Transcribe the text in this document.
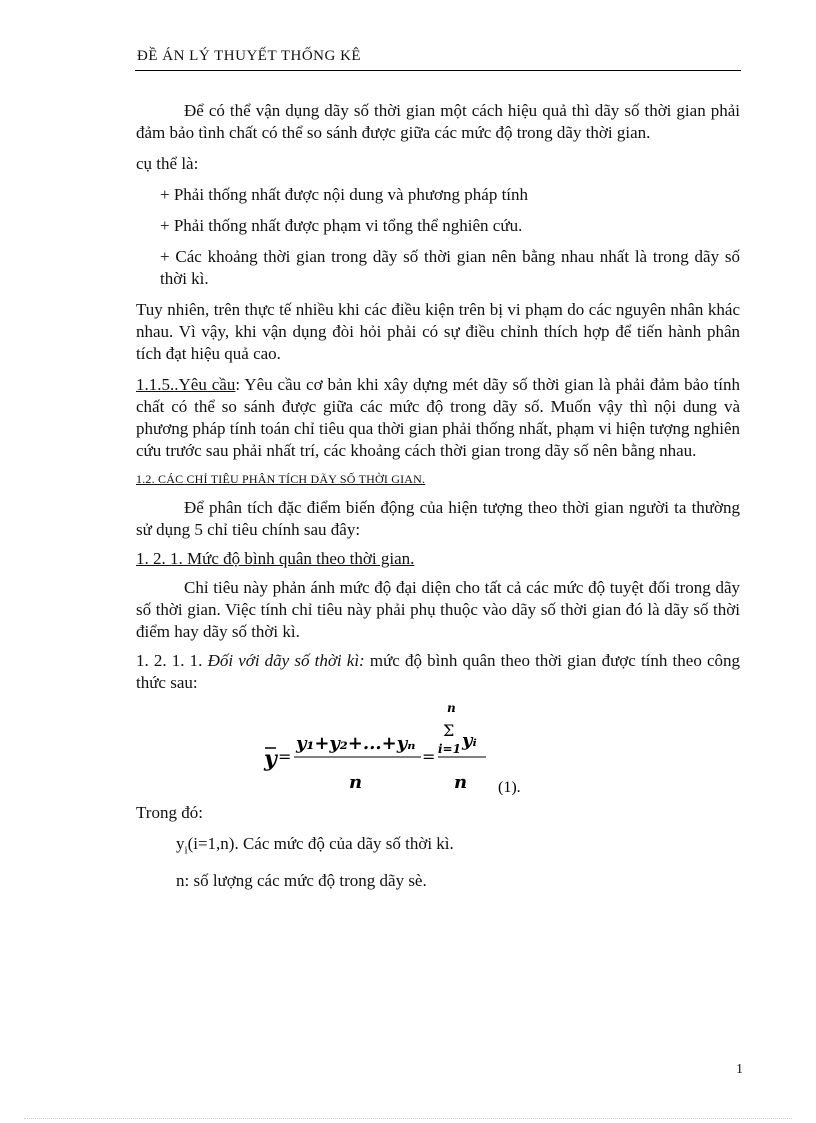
ĐỀ ÁN LÝ THUYẾT THỐNG KÊ

Để có thể vận dụng dãy số thời gian một cách hiệu quả thì dãy số thời gian phải đảm bảo tình chất có thể so sánh được giữa các mức độ trong dãy thời gian.

cụ thể là:

+ Phải thống nhất được nội dung và phương pháp tính

+ Phải thống nhất được phạm vi tổng thể nghiên cứu.

+ Các khoảng thời gian trong dãy số thời gian nên bằng nhau nhất là trong dãy số thời kì.

Tuy nhiên, trên thực tế nhiều khi các điều kiện trên bị vi phạm do các nguyên nhân khác nhau. Vì vậy, khi vận dụng đòi hỏi phải có sự điều chỉnh thích hợp để tiến hành phân tích đạt hiệu quả cao.

1.1.5..Yêu cầu: Yêu cầu cơ bản khi xây dựng mét dãy số thời gian là phải đảm bảo tính chất có thể so sánh được giữa các mức độ trong dãy số. Muốn vậy thì nội dung và phương pháp tính toán chỉ tiêu qua thời gian phải thống nhất, phạm vi hiện tượng nghiên cứu trước sau phải nhất trí, các khoảng cách thời gian trong dãy số nên bằng nhau.

1.2. CÁC CHỈ TIÊU PHÂN TÍCH DÃY SỐ THỜI GIAN.

Để phân tích đặc điểm biến động của hiện tượng theo thời gian người ta thường sử dụng 5 chỉ tiêu chính sau đây:

1. 2. 1. Mức độ bình quân theo thời gian.

Chỉ tiêu này phản ánh mức độ đại diện cho tất cả các mức độ tuyệt đối trong dãy số thời gian. Việc tính chỉ tiêu này phải phụ thuộc vào dãy số thời gian đó là dãy số thời điểm hay dãy số thời kì.

1. 2. 1. 1. Đối với dãy số thời kì: mức độ bình quân theo thời gian được tính theo công thức sau:

y =
y₁+y₂+...+yₙ
n
=
n
Σ
i=1 yᵢ
n (1).

Trong đó:

$y_i(i=1,n)$. Các mức độ của dãy số thời kì.

n: số lượng các mức độ trong dãy sè.

1
